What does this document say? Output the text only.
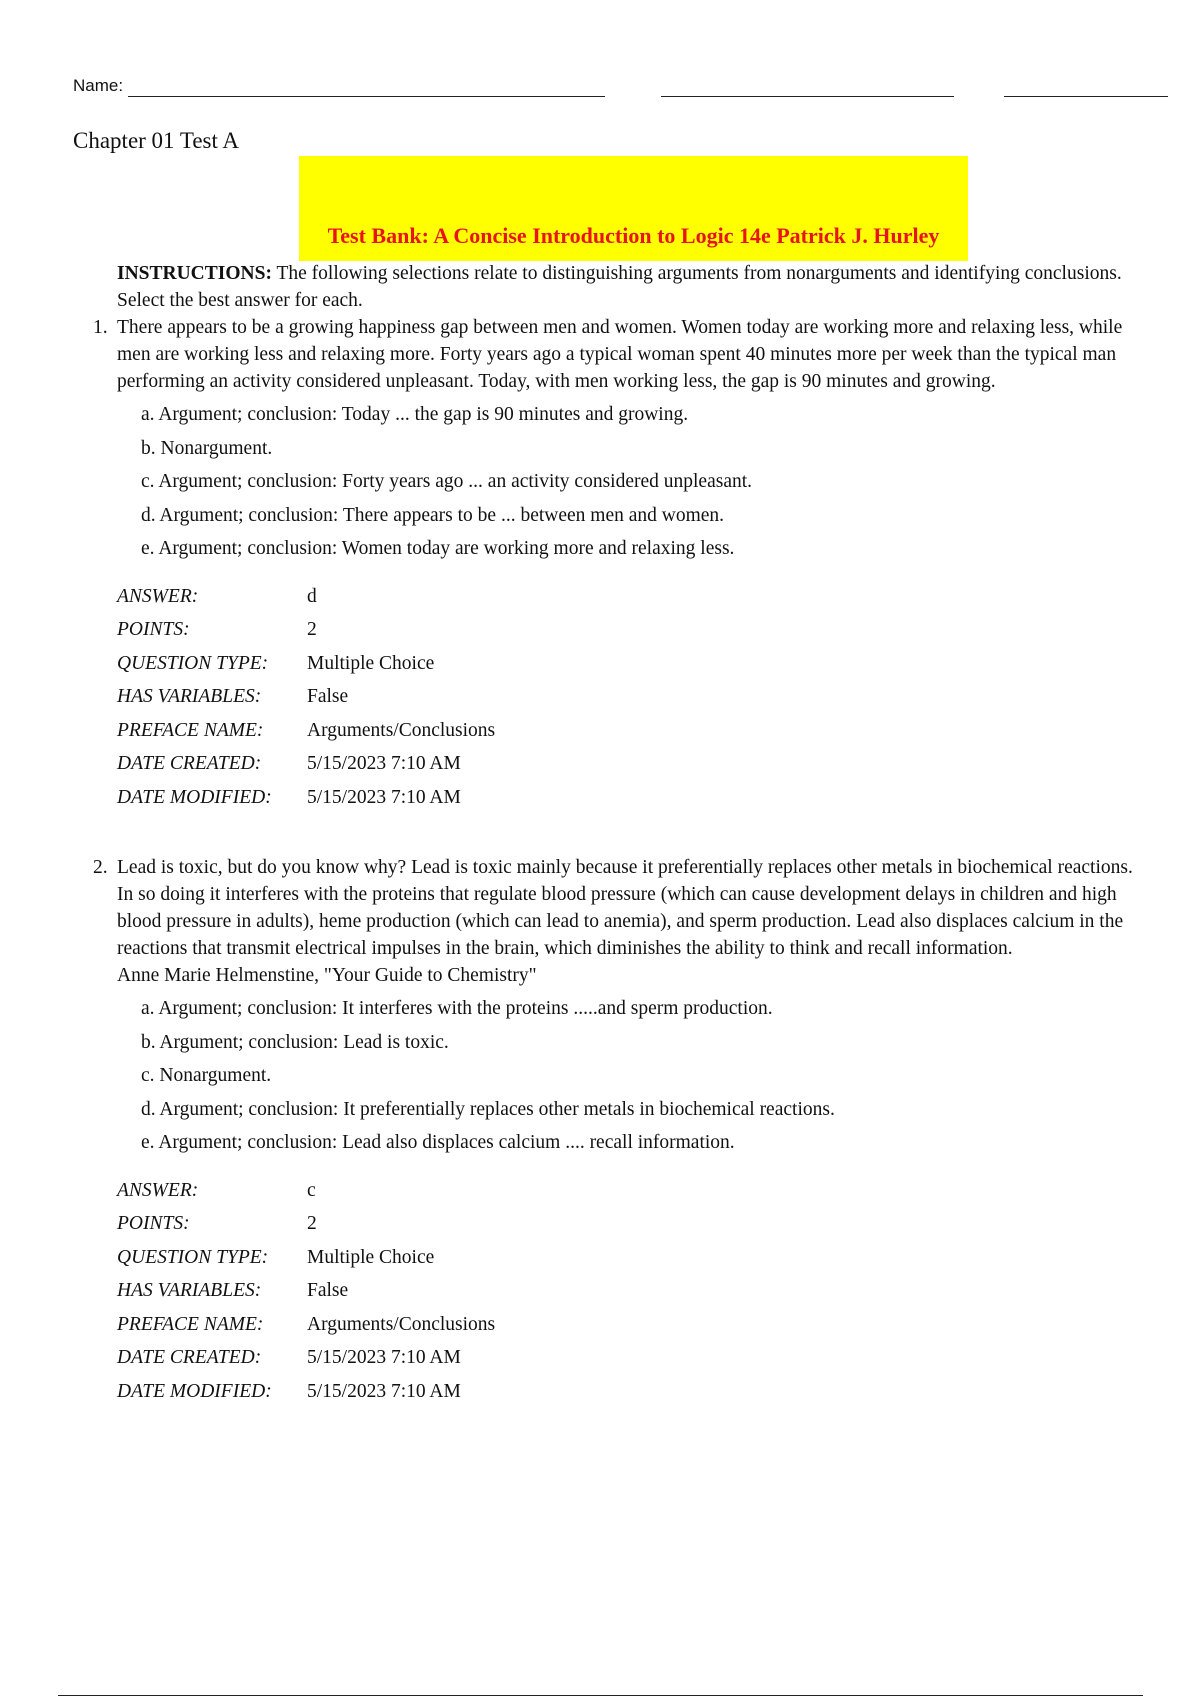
Name:
Chapter 01 Test A
Test Bank: A Concise Introduction to Logic 14e Patrick J. Hurley
INSTRUCTIONS: The following selections relate to distinguishing arguments from nonarguments and identifying conclusions. Select the best answer for each.
1. There appears to be a growing happiness gap between men and women. Women today are working more and relaxing less, while men are working less and relaxing more. Forty years ago a typical woman spent 40 minutes more per week than the typical man performing an activity considered unpleasant. Today, with men working less, the gap is 90 minutes and growing.
a. Argument; conclusion: Today ... the gap is 90 minutes and growing.
b. Nonargument.
c. Argument; conclusion: Forty years ago ... an activity considered unpleasant.
d. Argument; conclusion: There appears to be ... between men and women.
e. Argument; conclusion: Women today are working more and relaxing less.
ANSWER:	d
POINTS:	2
QUESTION TYPE:	Multiple Choice
HAS VARIABLES:	False
PREFACE NAME:	Arguments/Conclusions
DATE CREATED:	5/15/2023 7:10 AM
DATE MODIFIED:	5/15/2023 7:10 AM
2. Lead is toxic, but do you know why? Lead is toxic mainly because it preferentially replaces other metals in biochemical reactions. In so doing it interferes with the proteins that regulate blood pressure (which can cause development delays in children and high blood pressure in adults), heme production (which can lead to anemia), and sperm production. Lead also displaces calcium in the reactions that transmit electrical impulses in the brain, which diminishes the ability to think and recall information.
Anne Marie Helmenstine, "Your Guide to Chemistry"
a. Argument; conclusion: It interferes with the proteins .....and sperm production.
b. Argument; conclusion: Lead is toxic.
c. Nonargument.
d. Argument; conclusion: It preferentially replaces other metals in biochemical reactions.
e. Argument; conclusion: Lead also displaces calcium .... recall information.
ANSWER:	c
POINTS:	2
QUESTION TYPE:	Multiple Choice
HAS VARIABLES:	False
PREFACE NAME:	Arguments/Conclusions
DATE CREATED:	5/15/2023 7:10 AM
DATE MODIFIED:	5/15/2023 7:10 AM
